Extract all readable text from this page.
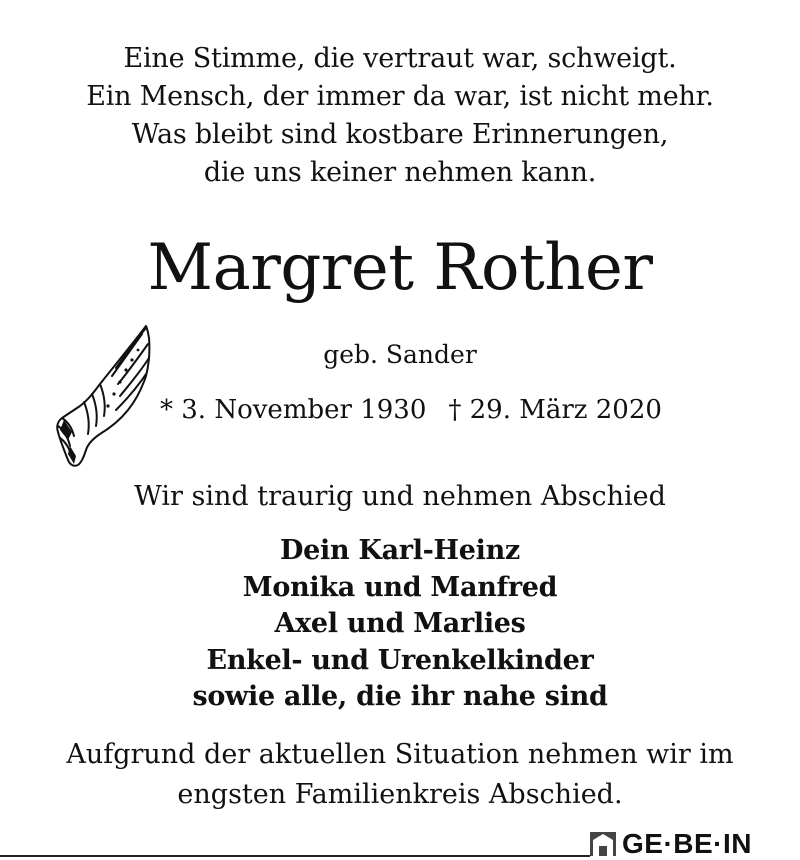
Eine Stimme, die vertraut war, schweigt.
Ein Mensch, der immer da war, ist nicht mehr.
Was bleibt sind kostbare Erinnerungen,
die uns keiner nehmen kann.
Margret Rother
geb. Sander
* 3. November 1930 † 29. März 2020
Wir sind traurig und nehmen Abschied
Dein Karl-Heinz
Monika und Manfred
Axel und Marlies
Enkel- und Urenkelkinder
sowie alle, die ihr nahe sind
Aufgrund der aktuellen Situation nehmen wir im
engsten Familienkreis Abschied.
GE·BE·IN
